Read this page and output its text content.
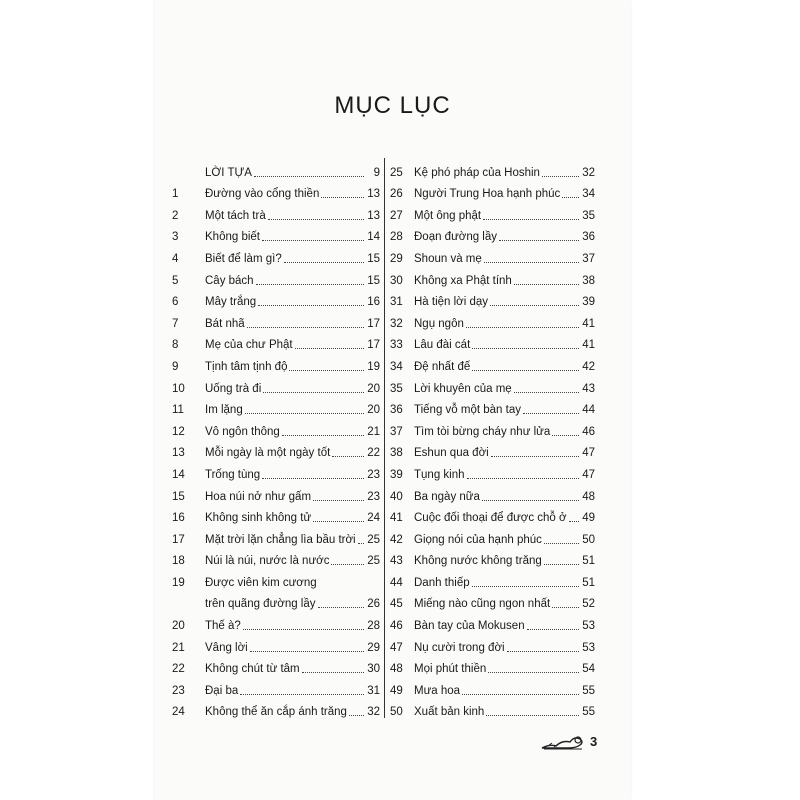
MỤC LỤC
LỜI TỰA	9
1	Đường vào cổng thiền	13
2	Một tách trà	13
3	Không biết	14
4	Biết để làm gì?	15
5	Cây bách	15
6	Mây trắng	16
7	Bát nhã	17
8	Mẹ của chư Phật	17
9	Tịnh tâm tịnh độ	19
10	Uống trà đi	20
11	Im lặng	20
12	Vô ngôn thông	21
13	Mỗi ngày là một ngày tốt	22
14	Trống tùng	23
15	Hoa núi nở như gấm	23
16	Không sinh không tử	24
17	Mặt trời lặn chẳng lìa bầu trời 25
18	Núi là núi, nước là nước	25
19	Được viên kim cương
trên quãng đường lầy	26
20	Thế à?	28
21	Vâng lời	29
22	Không chút từ tâm	30
23	Đại ba	31
24	Không thể ăn cắp ánh trăng 32
25 Kệ phó pháp của Hoshin	32
26 Người Trung Hoa hạnh phúc 34
27 Một ông phật	35
28 Đoạn đường lầy	36
29 Shoun và mẹ	37
30 Không xa Phật tính	38
31 Hà tiện lời dạy	39
32 Ngụ ngôn	41
33 Lâu đài cát	41
34 Đệ nhất đế	42
35 Lời khuyên của mẹ	43
36 Tiếng vỗ một bàn tay	44
37 Tìm tòi bừng cháy như lửa	46
38 Eshun qua đời	47
39 Tụng kinh	47
40 Ba ngày nữa	48
41 Cuộc đối thoại để được chỗ ở 49
42 Giọng nói của hạnh phúc	50
43 Không nước không trăng	51
44 Danh thiếp	51
45 Miếng nào cũng ngon nhất	52
46 Bàn tay của Mokusen	53
47 Nụ cười trong đời	53
48 Mọi phút thiền	54
49 Mưa hoa	55
50 Xuất bản kinh	55
3
